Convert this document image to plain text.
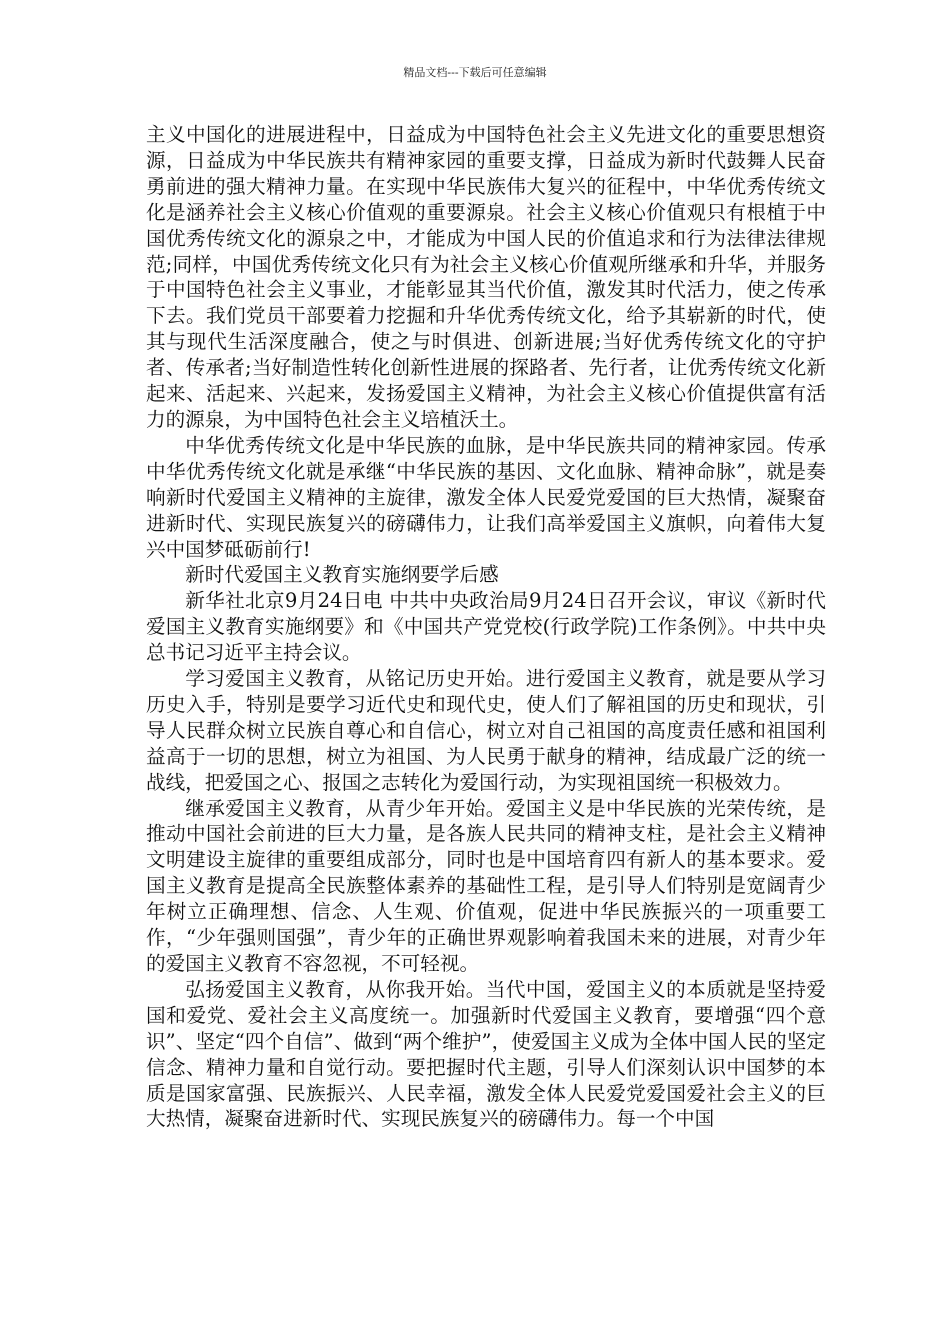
精品文档---下载后可任意编辑

主义中国化的进展进程中，日益成为中国特色社会主义先进文化的重要思想资源，日益成为中华民族共有精神家园的重要支撑，日益成为新时代鼓舞人民奋勇前进的强大精神力量。在实现中华民族伟大复兴的征程中，中华优秀传统文化是涵养社会主义核心价值观的重要源泉。社会主义核心价值观只有根植于中国优秀传统文化的源泉之中，才能成为中国人民的价值追求和行为法律法律规范;同样，中国优秀传统文化只有为社会主义核心价值观所继承和升华，并服务于中国特色社会主义事业，才能彰显其当代价值，激发其时代活力，使之传承下去。我们党员干部要着力挖掘和升华优秀传统文化，给予其崭新的时代，使其与现代生活深度融合，使之与时俱进、创新进展;当好优秀传统文化的守护者、传承者;当好制造性转化创新性进展的探路者、先行者，让优秀传统文化新起来、活起来、兴起来，发扬爱国主义精神，为社会主义核心价值提供富有活力的源泉，为中国特色社会主义培植沃土。

中华优秀传统文化是中华民族的血脉，是中华民族共同的精神家园。传承中华优秀传统文化就是承继“中华民族的基因、文化血脉、精神命脉”，就是奏响新时代爱国主义精神的主旋律，激发全体人民爱党爱国的巨大热情，凝聚奋进新时代、实现民族复兴的磅礴伟力，让我们高举爱国主义旗帜，向着伟大复兴中国梦砥砺前行!

新时代爱国主义教育实施纲要学后感

新华社北京9月24日电 中共中央政治局9月24日召开会议，审议《新时代爱国主义教育实施纲要》和《中国共产党党校(行政学院)工作条例》。中共中央总书记习近平主持会议。

学习爱国主义教育，从铭记历史开始。进行爱国主义教育，就是要从学习历史入手，特别是要学习近代史和现代史，使人们了解祖国的历史和现状，引导人民群众树立民族自尊心和自信心，树立对自己祖国的高度责任感和祖国利益高于一切的思想，树立为祖国、为人民勇于献身的精神，结成最广泛的统一战线，把爱国之心、报国之志转化为爱国行动，为实现祖国统一积极效力。

继承爱国主义教育，从青少年开始。爱国主义是中华民族的光荣传统，是推动中国社会前进的巨大力量，是各族人民共同的精神支柱，是社会主义精神文明建设主旋律的重要组成部分，同时也是中国培育四有新人的基本要求。爱国主义教育是提高全民族整体素养的基础性工程，是引导人们特别是宽阔青少年树立正确理想、信念、人生观、价值观，促进中华民族振兴的一项重要工作，“少年强则国强”，青少年的正确世界观影响着我国未来的进展，对青少年的爱国主义教育不容忽视，不可轻视。

弘扬爱国主义教育，从你我开始。当代中国，爱国主义的本质就是坚持爱国和爱党、爱社会主义高度统一。加强新时代爱国主义教育，要增强“四个意识”、坚定“四个自信”、做到“两个维护”，使爱国主义成为全体中国人民的坚定信念、精神力量和自觉行动。要把握时代主题，引导人们深刻认识中国梦的本质是国家富强、民族振兴、人民幸福，激发全体人民爱党爱国爱社会主义的巨大热情，凝聚奋进新时代、实现民族复兴的磅礴伟力。每一个中国
